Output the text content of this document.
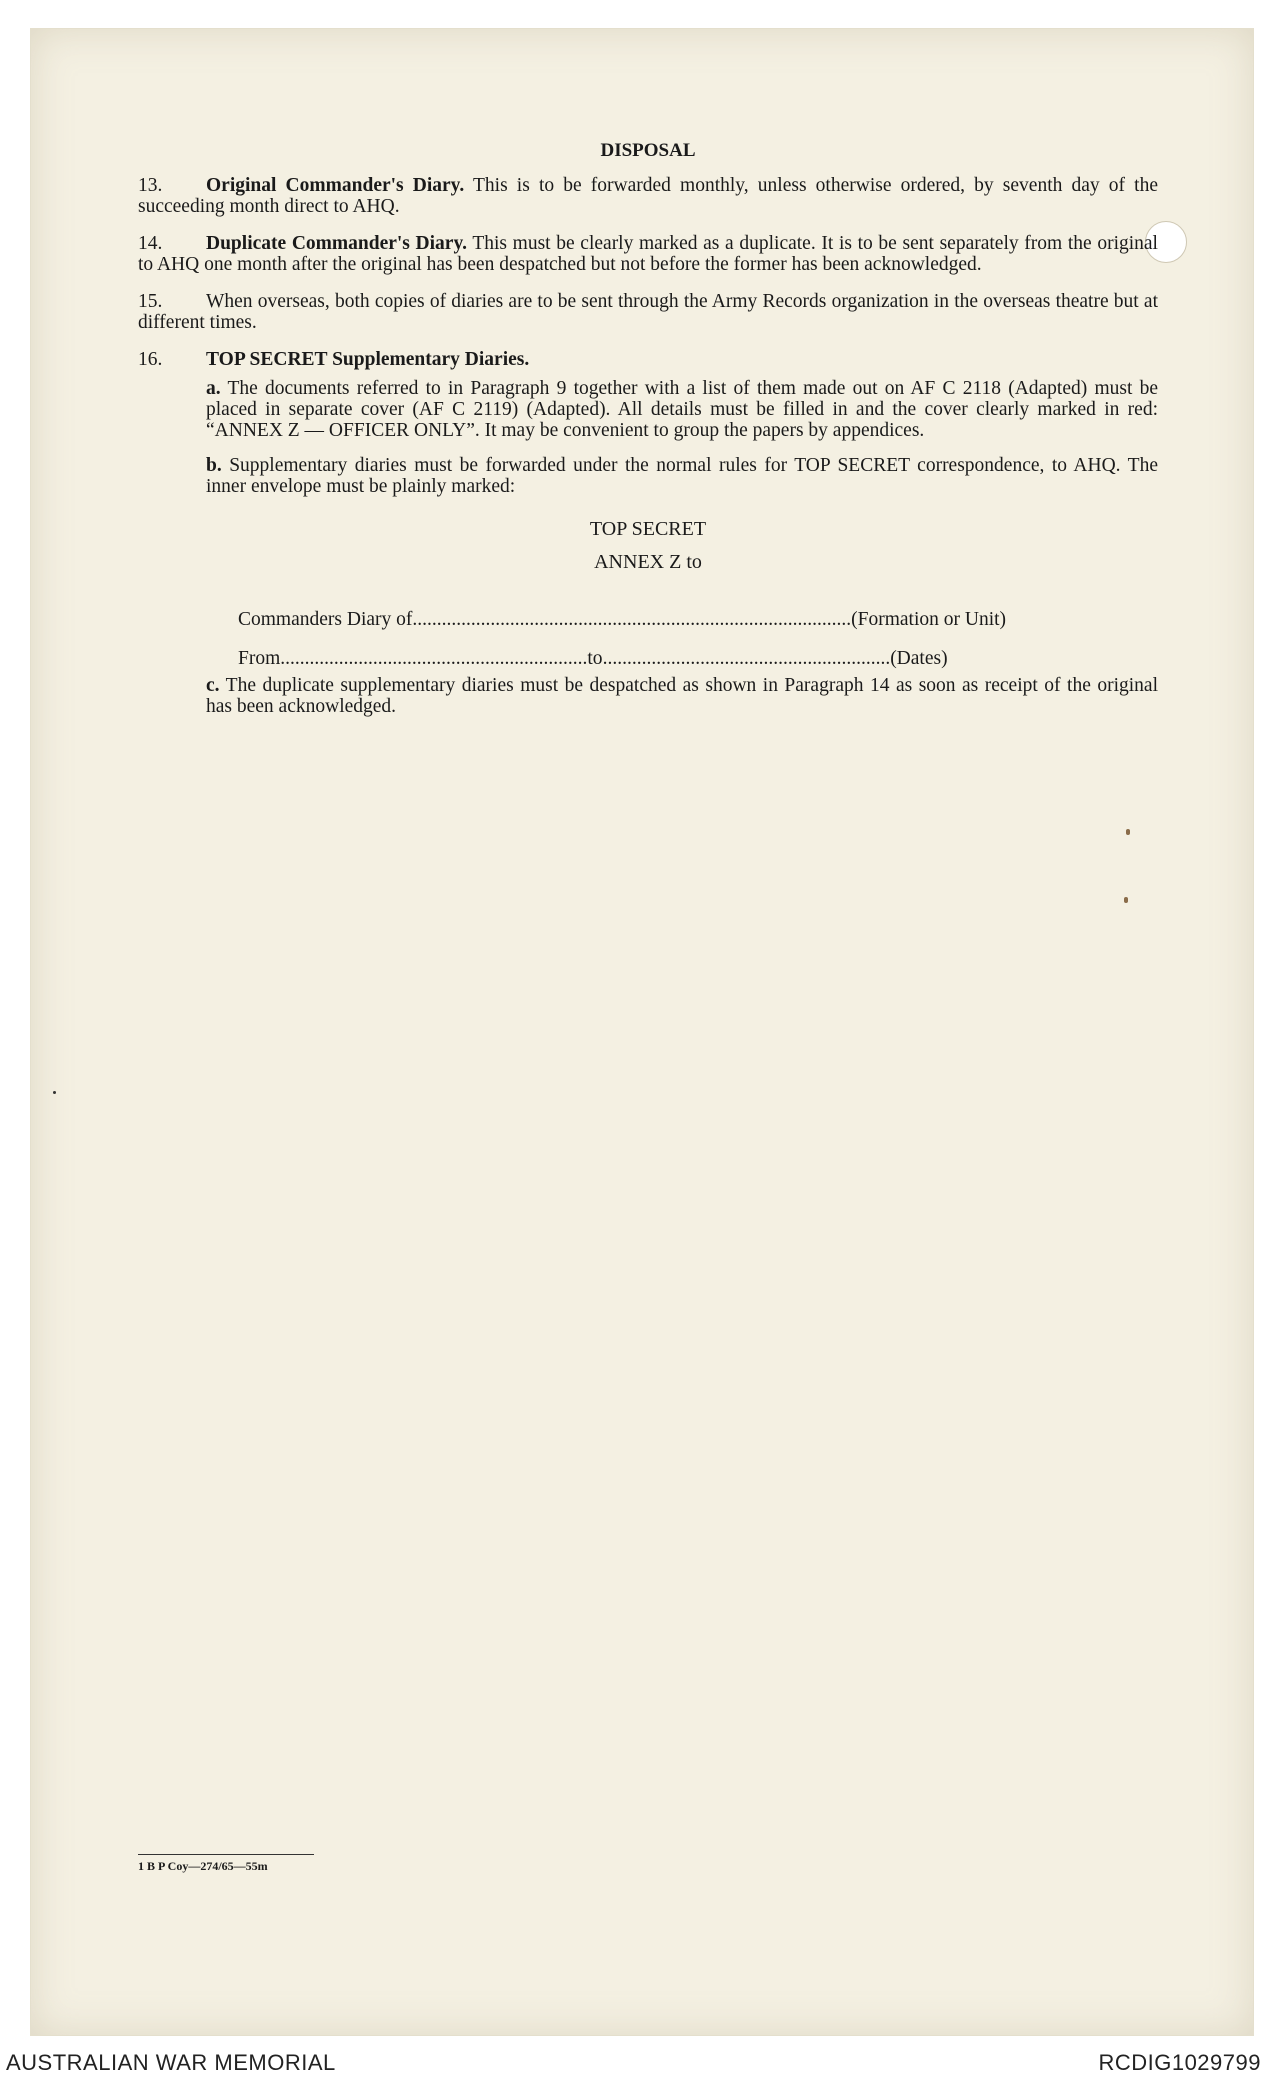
DISPOSAL

13. Original Commander's Diary. This is to be forwarded monthly, unless otherwise ordered, by seventh day of the succeeding month direct to AHQ.

14. Duplicate Commander's Diary. This must be clearly marked as a duplicate. It is to be sent separately from the original to AHQ one month after the original has been despatched but not before the former has been acknowledged.

15. When overseas, both copies of diaries are to be sent through the Army Records organization in the overseas theatre but at different times.

16. TOP SECRET Supplementary Diaries.

a. The documents referred to in Paragraph 9 together with a list of them made out on AF C 2118 (Adapted) must be placed in separate cover (AF C 2119) (Adapted). All details must be filled in and the cover clearly marked in red: “ANNEX Z — OFFICER ONLY”. It may be convenient to group the papers by appendices.

b. Supplementary diaries must be forwarded under the normal rules for TOP SECRET correspondence, to AHQ. The inner envelope must be plainly marked:

TOP SECRET
ANNEX Z to
Commanders Diary of..........................................................................................(Formation or Unit)
From...............................................................to...........................................................(Dates)

c. The duplicate supplementary diaries must be despatched as shown in Paragraph 14 as soon as receipt of the original has been acknowledged.

1 B P Coy—274/65—55m
AUSTRALIAN WAR MEMORIAL	RCDIG1029799
